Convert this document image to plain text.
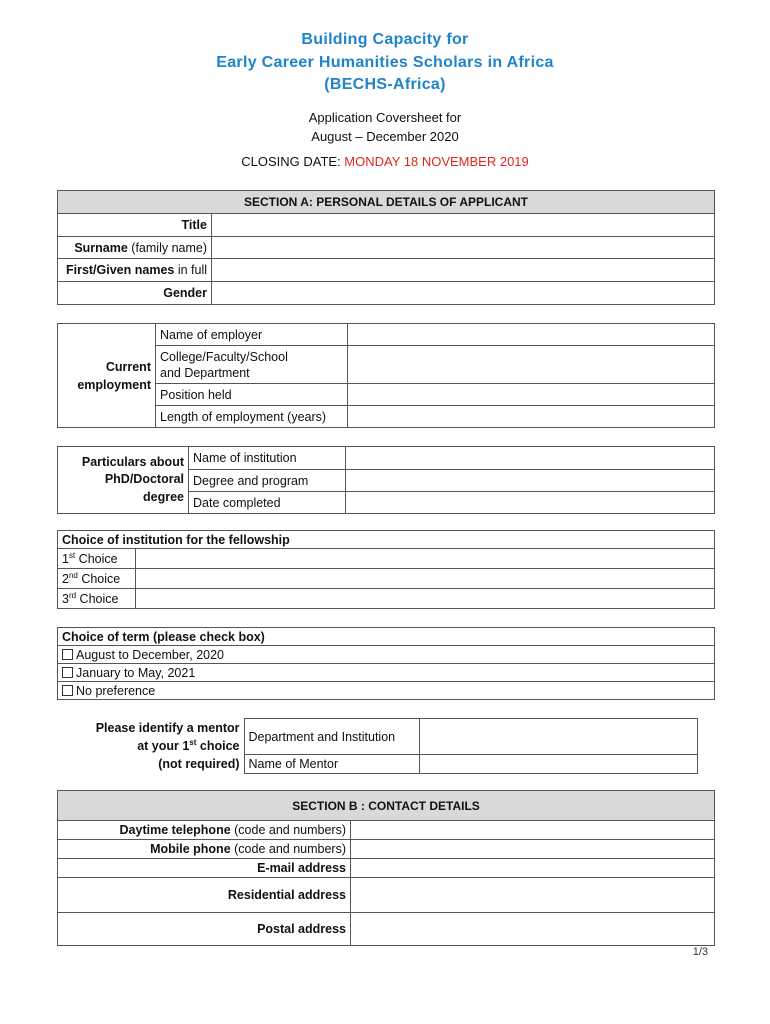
Building Capacity for
Early Career Humanities Scholars in Africa
(BECHS-Africa)
Application Coversheet for
August – December 2020
CLOSING DATE: MONDAY 18 NOVEMBER 2019
SECTION A: PERSONAL DETAILS OF APPLICANT	
Title	
Surname (family name)	
First/Given names in full	
Gender	
Current
employment	Name of employer	

	College/Faculty/School
and Department	

	Position held	
	Length of employment (years)	
Particulars about
PhD/Doctoral
degree	Name of institution	
	Degree and program	
	Date completed	
Choice of institution for the fellowship	
1st Choice	
2nd Choice	
3rd Choice	
Choice of term (please check box)
August to December, 2020
January to May, 2021
No preference
Please identify a mentor
at your 1st choice
(not required)	Department and Institution	
	Name of Mentor	
SECTION B : CONTACT DETAILS	
Daytime telephone (code and numbers)	
Mobile phone (code and numbers)	
E-mail address	
Residential address	
Postal address	
1/3
